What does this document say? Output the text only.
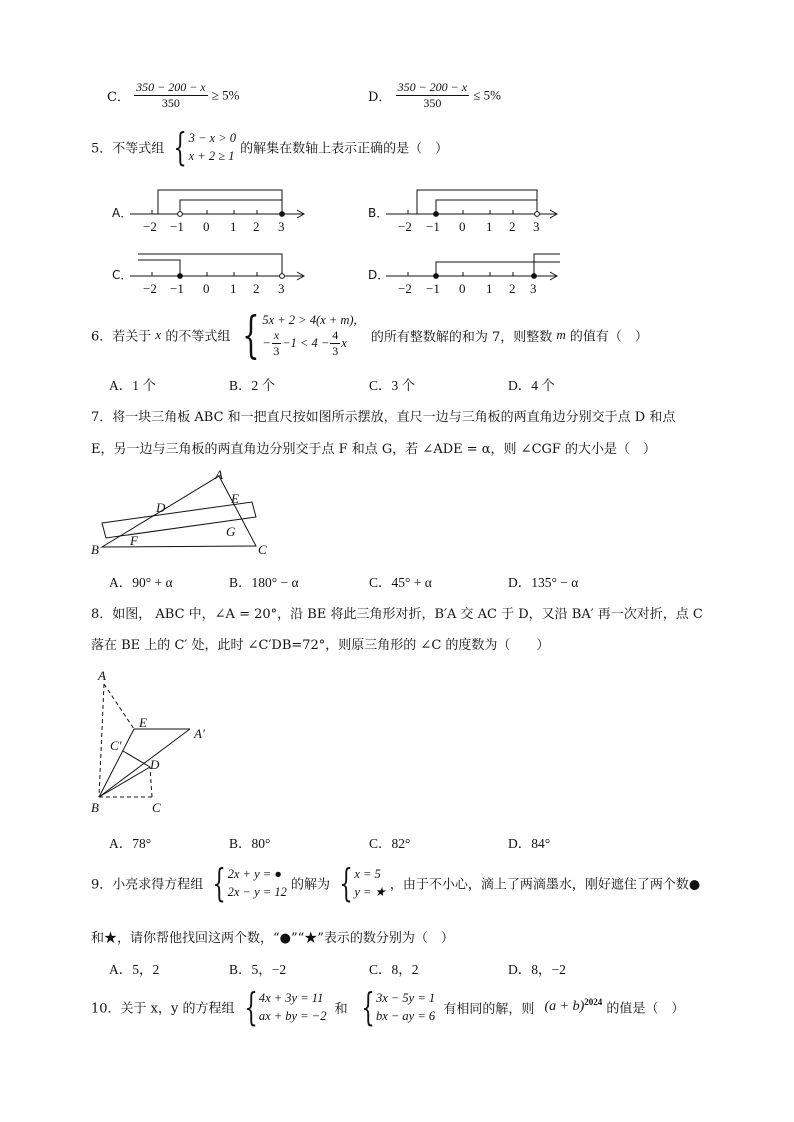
C． $\frac{350 - 200 - x}{350} \ge 5\%$	D． $\frac{350 - 200 - x}{350} \le 5\%$
5．不等式组 { 3 − x > 0
x + 2 ≥ 1 的解集在数轴上表示正确的是（　）
A．	B．
C．	D．
−2 −1 0 1 2 3	−2 −1 0 1 2 3
−2 −1 0 1 2 3	−2 −1 0 1 2 3
6．若关于 x 的不等式组 { 5x + 2 > 4(x + m),
− $\frac{x}{3} -1 < 4 - \frac{4}{3}$ x 的所有整数解的和为 7，则整数 m 的值有（　）
A．1 个	B．2 个	C．3 个	D．4 个
7．将一块三角板 ABC 和一把直尺按如图所示摆放，直尺一边与三角板的两直角边分别交于点 D 和点
E，另一边与三角板的两直角边分别交于点 F 和点 G，若 ∠ADE = α，则 ∠CGF 的大小是（　）
A
D
E
G
F
B	C
A．90° + α	B．180° − α	C．45° + α	D．135° − α
8．如图， ABC 中，∠A = 20°，沿 BE 将此三角形对折，B′A 交 AC 于 D，又沿 BA′ 再一次对折，点 C
落在 BE 上的 C′ 处，此时 ∠C′DB=72°，则原三角形的 ∠C 的度数为（　　）
A
E
A′
C′
D
B	C
A．78°	B．80°	C．82°	D．84°
9．小亮求得方程组 { 2x + y = ●
2x − y = 12 的解为 { x = 5
y = ★ ，由于不小心，滴上了两滴墨水，刚好遮住了两个数●
和★，请你帮他找回这两个数，“●”“★”表示的数分别为（　）
A．5，2	B．5，−2	C．8，2	D．8，−2
10．关于 x，y 的方程组 { 4x + 3y = 11
ax + by = −2 和 { 3x − 5y = 1
bx − ay = 6 有相同的解，则 $(a + b)^{2024}$ 的值是（　）
